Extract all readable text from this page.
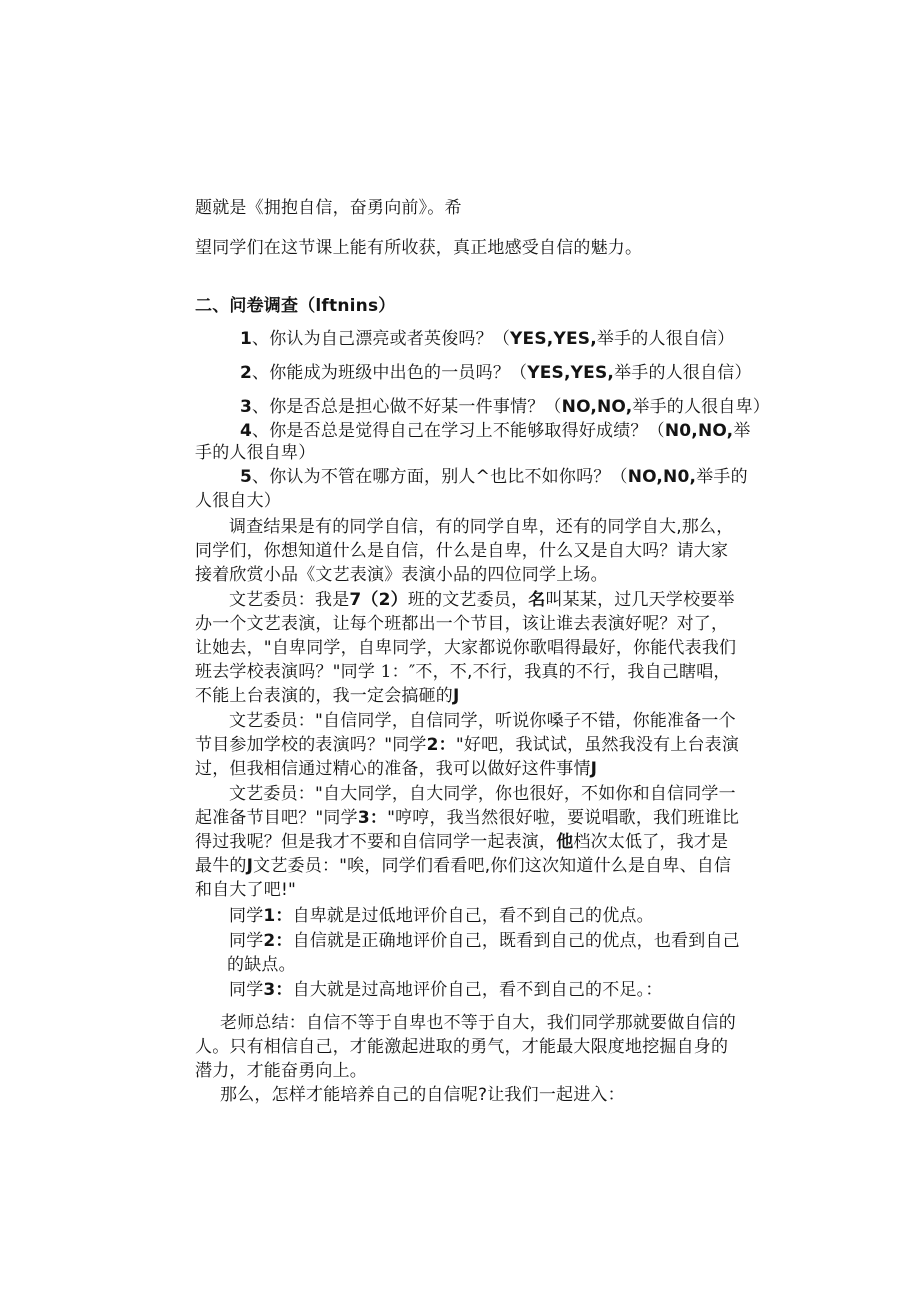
题就是《拥抱自信，奋勇向前》。希
望同学们在这节课上能有所收获，真正地感受自信的魅力。
二、问卷调查（lftnins）
1、你认为自己漂亮或者英俊吗？（YES,YES,举手的人很自信）
2、你能成为班级中出色的一员吗？（YES,YES,举手的人很自信）
3、你是否总是担心做不好某一件事情？（NO,NO,举手的人很自卑）
4、你是否总是觉得自己在学习上不能够取得好成绩？（N0,NO,举
手的人很自卑）
5、你认为不管在哪方面，别人^也比不如你吗？（NO,N0,举手的
人很自大）
调查结果是有的同学自信，有的同学自卑，还有的同学自大,那么，
同学们，你想知道什么是自信，什么是自卑，什么又是自大吗？请大家
接着欣赏小品《文艺表演》表演小品的四位同学上场。
文艺委员：我是7（2）班的文艺委员，名叫某某，过几天学校要举
办一个文艺表演，让每个班都出一个节目，该让谁去表演好呢？对了，
让她去，"自卑同学，自卑同学，大家都说你歌唱得最好，你能代表我们
班去学校表演吗？"同学 1：″不，不,不行，我真的不行，我自己瞎唱，
不能上台表演的，我一定会搞砸的J
文艺委员："自信同学，自信同学，听说你嗓子不错，你能准备一个
节目参加学校的表演吗？"同学2："好吧，我试试，虽然我没有上台表演
过，但我相信通过精心的准备，我可以做好这件事情J
文艺委员："自大同学，自大同学，你也很好，不如你和自信同学一
起准备节目吧？"同学3："哼哼，我当然很好啦，要说唱歌，我们班谁比
得过我呢？但是我才不要和自信同学一起表演，他档次太低了，我才是
最牛的J文艺委员："唉，同学们看看吧,你们这次知道什么是自卑、自信
和自大了吧!"
同学1：自卑就是过低地评价自己，看不到自己的优点。
同学2：自信就是正确地评价自己，既看到自己的优点，也看到自己
的缺点。
同学3：自大就是过高地评价自己，看不到自己的不足。：
老师总结：自信不等于自卑也不等于自大，我们同学那就要做自信的
人。只有相信自己，才能激起进取的勇气，才能最大限度地挖掘自身的
潜力，才能奋勇向上。
那么，怎样才能培养自己的自信呢?让我们一起进入：
